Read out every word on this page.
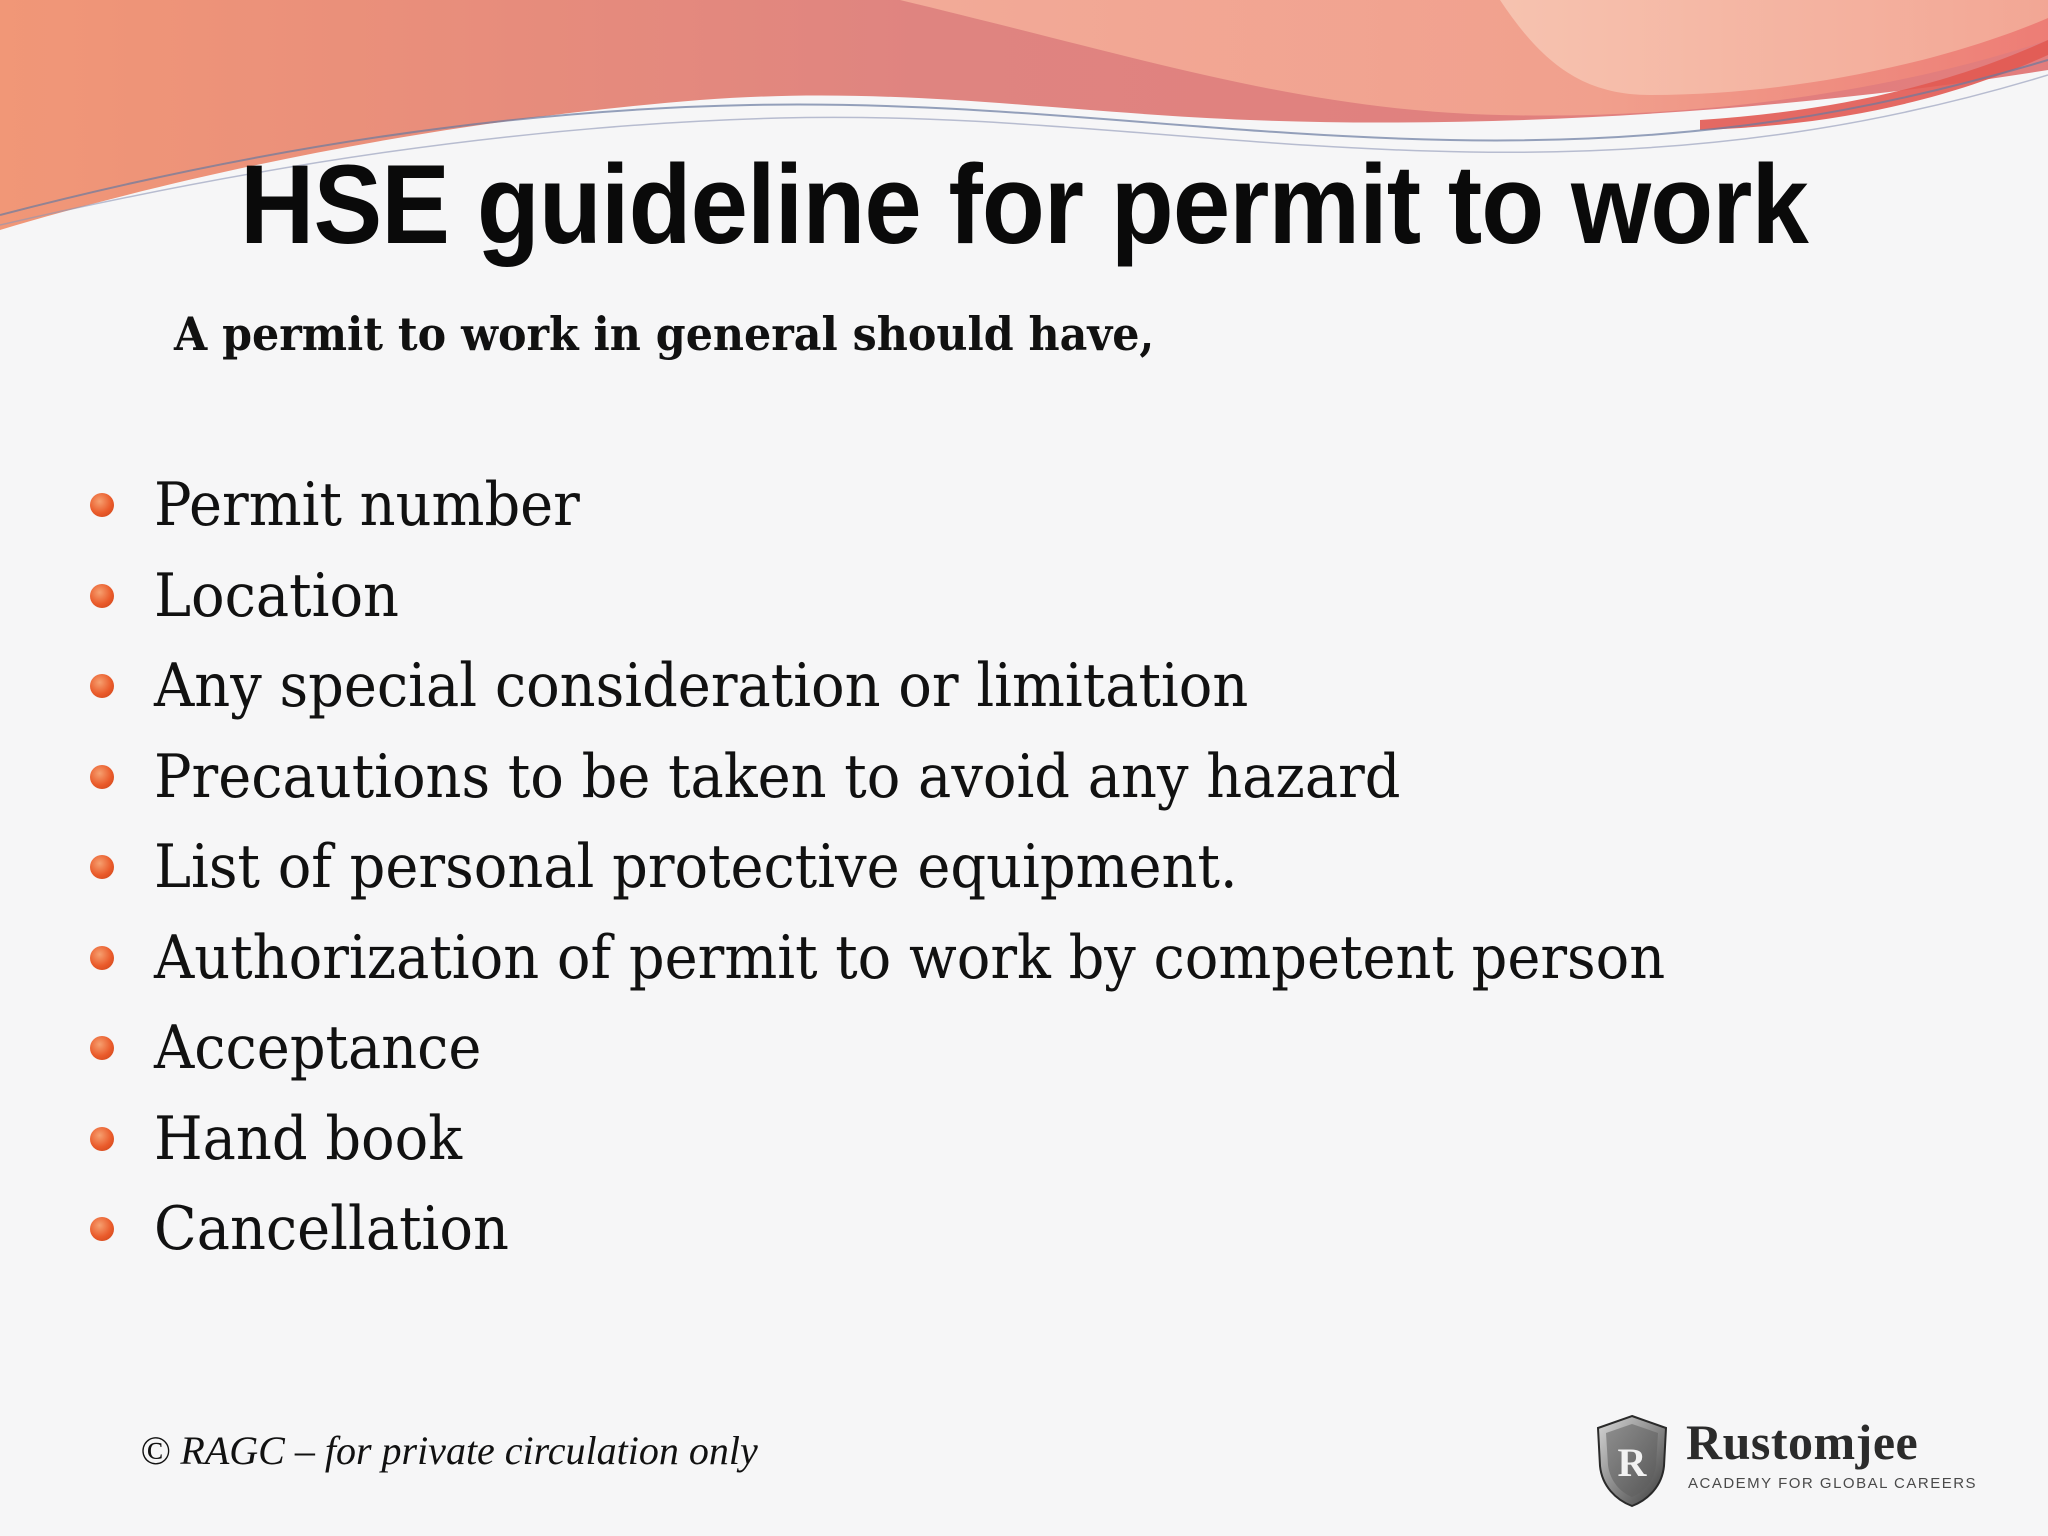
HSE guideline for permit to work

A permit to work in general should have,

Permit number
Location
Any special consideration or limitation
Precautions to be taken to avoid any hazard
List of personal protective equipment.
Authorization of permit to work by competent person
Acceptance
Hand book
Cancellation
© RAGC – for private circulation only	R Rustomjee
ACADEMY FOR GLOBAL CAREERS
